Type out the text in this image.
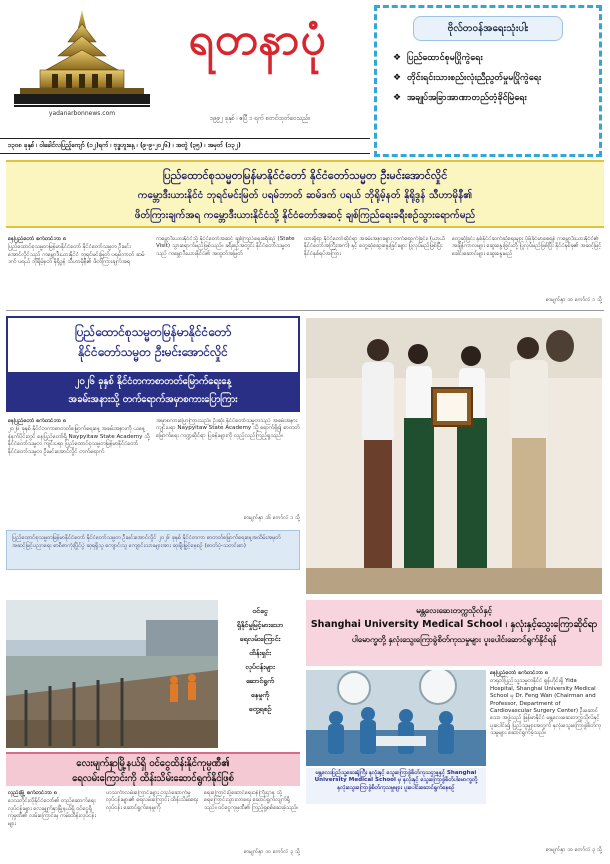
yadanarbonnews.com
ရတနာပုံ
၁၉၉၂ ခုနှစ် ၊ ဧပြီ ၁ ရက် စတင်ထုတ်ဝေသည်။
ဗိုလ်တဝန်အရေးသုံးပါး
❖ ပြည်ထောင်စုမပြိုကွဲရေး
❖ တိုင်းရင်းသားစည်းလုံးညီညွတ်မှုမပြိုကွဲရေး
❖ အချုပ်အခြာအာဏာတည်တံ့ခိုင်မြဲရေး
၁၃၀၈ ခုနှစ် ၊ ဝါခေါင်လပြည့်ကျော် (၁၂)ရက် ၊ ဗုဒ္ဓဟူးနေ့ ၊ (၉-၉-၂၀၂၆) ၊ အတွဲ (၃၅) ၊ အမှတ် (၁၃၂)
ပြည်ထောင်စုသမ္မတမြန်မာနိုင်ငံတော် နိုင်ငံတော်သမ္မတ ဦးမင်းအောင်လှိုင်
ကမ္ဘောဒီးယားနိုင်ငံ ဘုရင်မင်းမြတ် ပရမ်ဘာတ် ဆမ်ဒက် ပရယ် ဘိုရိုမ့်နတ် နိုရိုဒွန် သီဟာမိုနီ၏
ဖိတ်ကြားချက်အရ ကမ္ဘောဒီးယားနိုင်ငံသို့ နိုင်ငံတော်အဆင့် ချစ်ကြည်ရေးခရီးစဉ်သွားရောက်မည်

နေပြည်တော် စက်တင်ဘာ ၈

ပြည်ထောင်စုသမ္မတမြန်မာနိုင်ငံတော် နိုင်ငံတော်သမ္မတ ဦးမင်းအောင်လှိုင်သည် ကမ္ဘောဒီးယားနိုင်ငံ ဘုရင်မင်းမြတ် ပရမ်ဘာတ် ဆမ်ဒက် ပရယ် ဘိုရိုမ့်နတ် နိုရိုဒွန် သီဟာမိုနီ၏ ဖိတ်ကြားချက်အရ

ကမ္ဘောဒီးယားနိုင်ငံသို့ နိုင်ငံတော်အဆင့် ချစ်ကြည်ရေးခရီးစဉ် (State Visit) သွားရောက်မည်ဖြစ်သည်။ ခရီးစဉ်အတွင်း နိုင်ငံတော်သမ္မတသည် ကမ္ဘောဒီးယားနိုင်ငံ၏ အထွတ်အမြတ်

ထားရှိရာ နိုင်ငံတော်ဆိုင်ရာ အခမ်းအနားများ တက်ရောက်ခြင်း၊ (ယာယီနိုင်ငံတော်အကြီးအကဲ) နှင့် တွေ့ဆုံဆွေးနွေးခြင်းများ ပြုလုပ်မည်ဖြစ်ပြီး နိုင်ငံနှစ်ရပ်အကြား

တွေ့ဆုံခြင်း နှစ်နိုင်ငံဆက်ဆံရေးများ ပိုမိုခိုင်မာစေရန် ကမ္ဘောဒီးယားနိုင်ငံ၏ အချိန်ကာလများ ဆွေးနွေးခြင်းတို့ ပြုလုပ်မည်ဖြစ်ပြီး နိုင်ငံနှစ်ခု၏ အဆင့်မြင့်ခေါင်းဆောင်များ ဆွေးနွေးမည်

စာမျက်နှာ ၁၀ ကော်လံ ၁ သို့
ပြည်ထောင်စုသမ္မတမြန်မာနိုင်ငံတော်
နိုင်ငံတော်သမ္မတ ဦးမင်းအောင်လှိုင်
၂၀၂၆ ခုနှစ် နိုင်ငံတကာစာတတ်မြောက်ရေးနေ့
အခမ်းအနားသို့ တက်ရောက်အမှာစကားပြောကြား

နေပြည်တော် စက်တင်ဘာ ၈

၂၀၂၆ ခုနှစ် နိုင်ငံတကာစာတတ်မြောက်ရေးနေ့ အခမ်းအနားကို ယနေ့နံနက်ပိုင်းတွင် နေပြည်တော်ရှိ Naypyitaw State Academy သို့ နိုင်ငံတော်သမ္မတ ကျင်းပရာ ပြည်ထောင်စုသမ္မတမြန်မာနိုင်ငံတော် နိုင်ငံတော်သမ္မတ ဦးမင်းအောင်လှိုင် တက်ရောက်

အမှာစကားပြောကြားသည်။ ဦးဆုံး နိုင်ငံတော်သမ္မတသည် အခမ်းအနားကျင်းပရာ Naypyitaw State Academy သို့ ရောက်ရှိ၍ စာတတ်မြောက်ရေး ကဏ္ဍဆိုင်ရာ ပြခန်းများကို လှည့်လည်ကြည့်ရှုသည်။

စာမျက်နှာ ၁၆ ကော်လံ ၁ သို့
ပြည်ထောင်စုသမ္မတမြန်မာနိုင်ငံတော် နိုင်ငံတော်သမ္မတ ဦးမင်းအောင်လှိုင် ၂၀၂၆ ခုနှစ် နိုင်ငံတကာ စာတတ်မြောက်ရေးနေ့အထိမ်းအမှတ် အဆင့်မြင့်ပညာရေး စာစီစာကုံးပြိုင်ပွဲ ဆုရရှိသူ ကျောင်းသူ ကျောင်းသားများအား ဆုချီးမြှင့်နေစဉ် (ဓာတ်ပုံ-သတင်းစာ)
ဝင်ငွေ
ရှိနိုင်မှုမြင့်မားသော
ရေလမ်းကြောင်း
ထိန်းရှင်း
လုပ်ငန်းများ
ဆောင်ရွက်
နေမှုကို
တွေ့ရစဉ်
လေးမျက်နှာမြို့နယ်ရှိ ဝင်ငွေထိန်းနိုင်ကုမ္ပဏီ၏
ရေလမ်းကြောင်းကို ထိန်းသိမ်းဆောင်ရွက်နိုင်ဖြစ်

လှည်းမြို့ စက်တင်ဘာ ၈

ဒေသတိုင်းလိုနိုင်ငံတော်၏ တည်ဆောက်ရေးလုပ်ငန်းများ လေးမျက်နှာမြို့နယ်ရှိ ဝင်ငွေရှိ ကုမ္ပဏီ၏ လမ်းကြောင်းမှ ကမ်းထိန်းလုပ်ငန်းများ

ဟသင်္ကာလမ်းကြောင်းများ တည်ဆောက်မှုလုပ်ငန်းများ၏ ရေလမ်းကြောင်း ထိန်းသိမ်းရေးလုပ်ငန်း ဆောင်ရွက်နေမှုကို

ရေးကြောင်းပို့ဆောင်ရေးဝန်ကြီးဌာန သို့ ရေကြောင်းသွားလာရေး ဆောင်ရွက်လျက်ရှိသည်။ ဝင်ငွေကုမ္ပဏီ၏ ကြည့်ရှုစစ်ဆေးခဲ့သည်။

စာမျက်နှာ ၁၀ ကော်လံ ၃ သို့
မန္တလေးဆေးတက္ကသိုလ်နှင့်
Shanghai University Medical School ၊ နှလုံးနှင့်သွေးကြောဆိုင်ရာ
ပါမောက္ခတို့ နှလုံးသွေးကြောခွဲစိတ်ကုသမှုများ ပူးပေါင်းဆောင်ရွက်နိုင်ရန်
မန္တလေးပြည်သူ့ဆေးရုံကြီး နှလုံးနှင့် သွေးကြောခွဲစိတ်ကုသဌာနနှင့် Shanghai University Medical School မှ နှလုံးနှင့် သွေးကြောခွဲစိတ်ပါမောက္ခတို့ နှလုံးသွေးကြောခွဲစိတ်ကုသမှုများ ပူးပေါင်းဆောင်ရွက်နေစဉ်

နေပြည်တော် စက်တင်ဘာ ၈

တရုတ်ပြည်သူ့သမ္မတနိုင်ငံ ရှန်ဟိုင်းရှိ Yida Hospital, Shanghai University Medical School မှ Dr. Feng Wan (Chairman and Professor, Department of Cardiovascular Surgery Center) ဦးဆောင်သော အဖွဲ့သည် မြန်မာနိုင်ငံ မန္တလေးဆေးတက္ကသိုလ်နှင့် ပူးပေါင်း၍ ပြည်သူများအတွက် နှလုံးသွေးကြောခွဲစိတ်ကုသမှုများ ဆောင်ရွက်ခဲ့သည်။

စာမျက်နှာ ၁၀ ကော်လံ ၃ သို့
